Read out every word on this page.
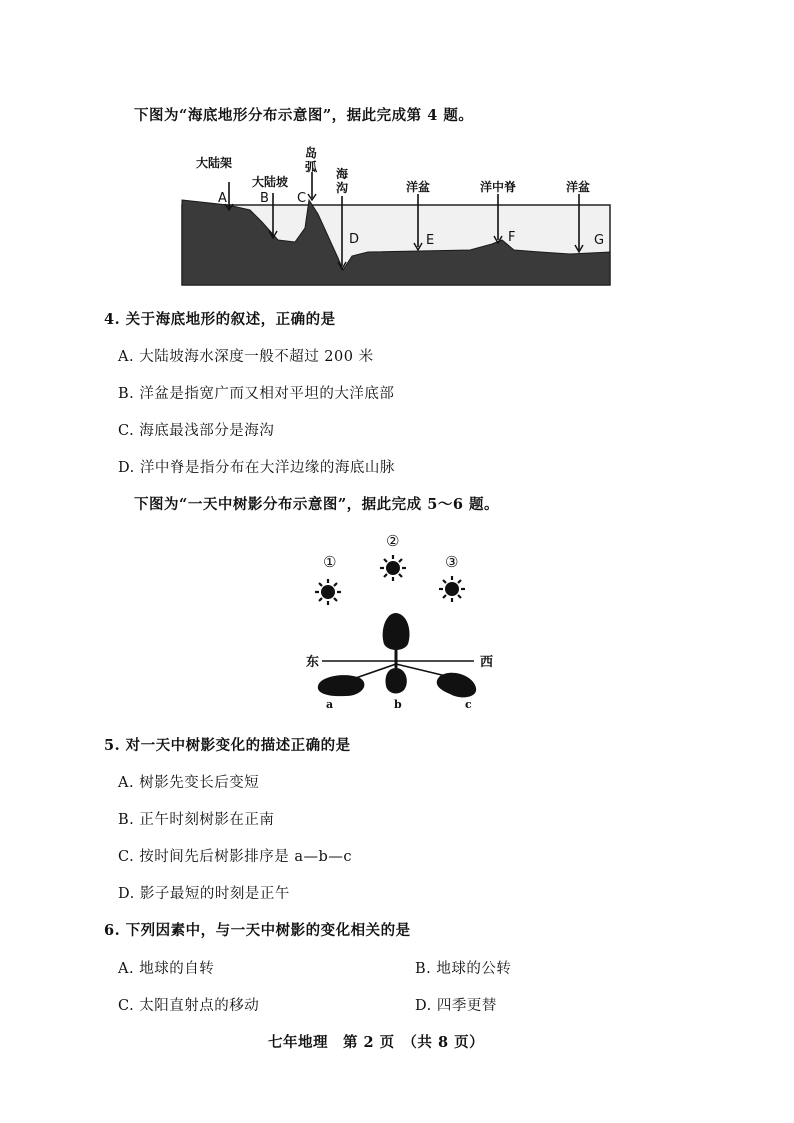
下图为“海底地形分布示意图”，据此完成第 4 题。
大陆架
大陆坡
岛
弧 海
沟	洋盆	洋中脊	洋盆
A	B C
D	E	F	G
4. 关于海底地形的叙述，正确的是
A. 大陆坡海水深度一般不超过 200 米
B. 洋盆是指宽广而又相对平坦的大洋底部
C. 海底最浅部分是海沟
D. 洋中脊是指分布在大洋边缘的海底山脉
下图为“一天中树影分布示意图”，据此完成 5～6 题。
①
②
③
东	西
a	b	c
5. 对一天中树影变化的描述正确的是
A. 树影先变长后变短
B. 正午时刻树影在正南
C. 按时间先后树影排序是 a—b—c
D. 影子最短的时刻是正午
6. 下列因素中，与一天中树影的变化相关的是
A. 地球的自转	B. 地球的公转
C. 太阳直射点的移动	D. 四季更替
七年地理　第 2 页　（共 8 页）
